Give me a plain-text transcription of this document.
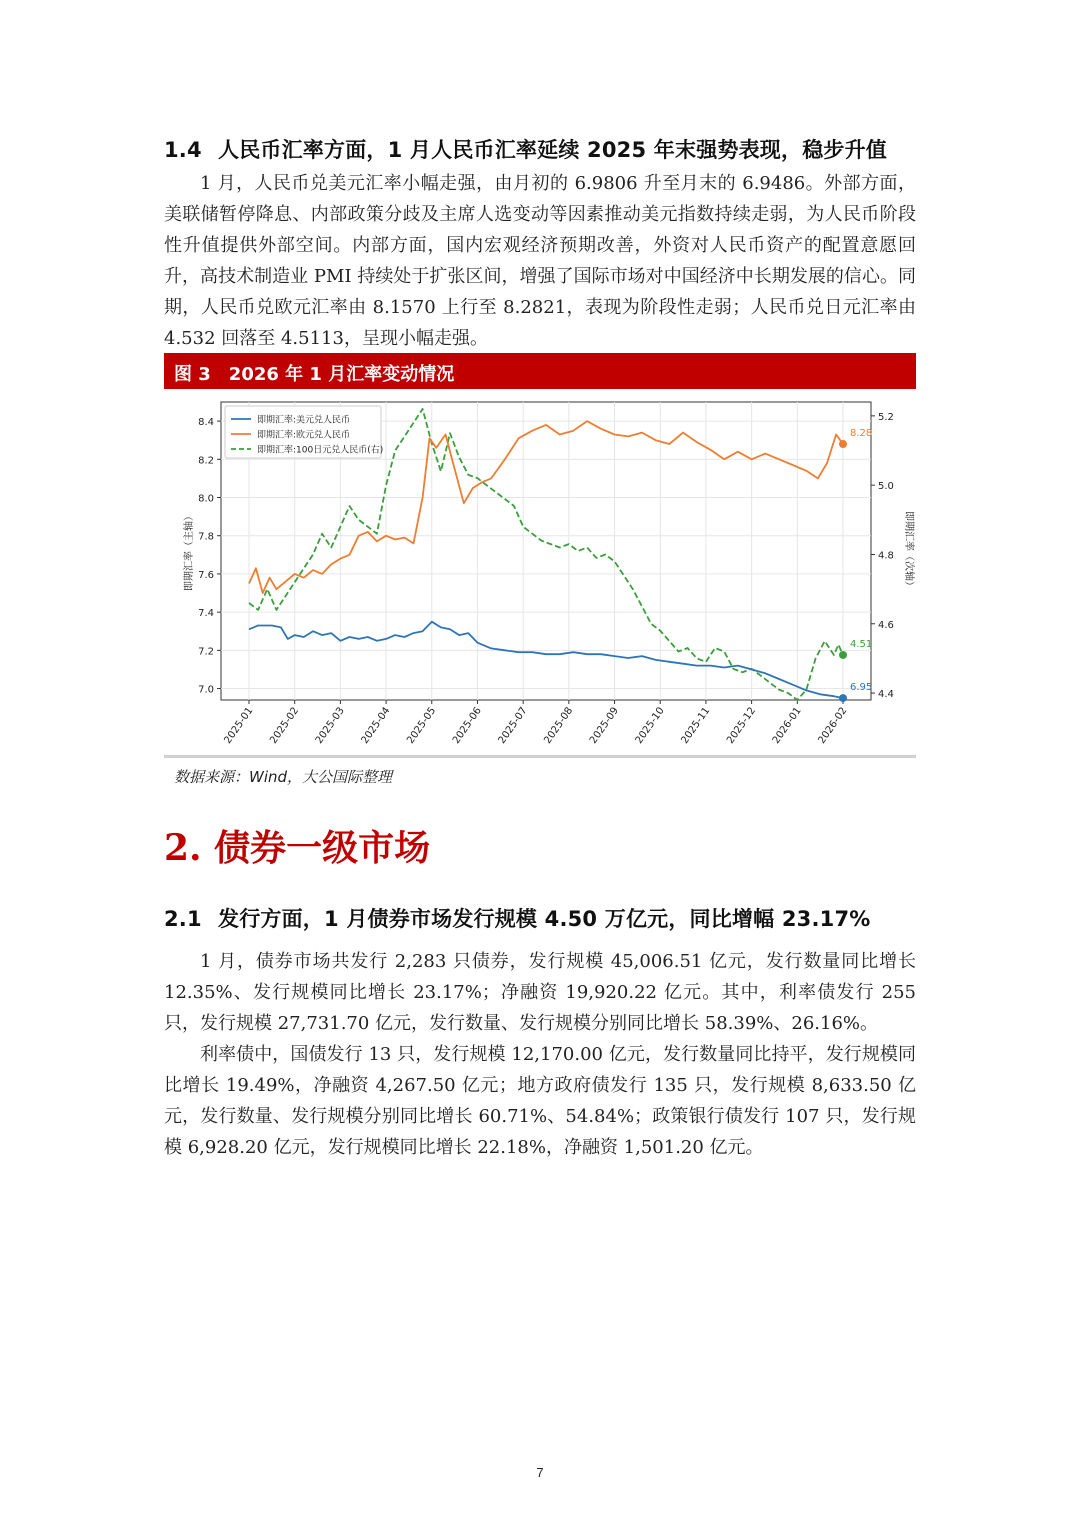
1.4 人民币汇率方面，1 月人民币汇率延续 2025 年末强势表现，稳步升值

1 月，人民币兑美元汇率小幅走强，由月初的 6.9806 升至月末的 6.9486。外部方面，美联储暂停降息、内部政策分歧及主席人选变动等因素推动美元指数持续走弱，为人民币阶段性升值提供外部空间。内部方面，国内宏观经济预期改善，外资对人民币资产的配置意愿回升，高技术制造业 PMI 持续处于扩张区间，增强了国际市场对中国经济中长期发展的信心。同期，人民币兑欧元汇率由 8.1570 上行至 8.2821，表现为阶段性走弱；人民币兑日元汇率由 4.532 回落至 4.5113，呈现小幅走强。

图 3　2026 年 1 月汇率变动情况
2025-01 2025-02 2025-03 2025-04 2025-05 2025-06 2025-07 2025-08 2025-09 2025-10 2025-11 2025-12 2026-01 2026-02
7.0
7.2
7.4
7.6
7.8
8.0
8.2
8.4
4.4
4.6
4.8
5.0
5.2
即期汇率（主轴）	即期汇率（次轴）
4.51
6.95
8.28
即期汇率:美元兑人民币
即期汇率:欧元兑人民币
即期汇率:100日元兑人民币(右)
数据来源：Wind，大公国际整理
2. 债券一级市场
2.1 发行方面，1 月债券市场发行规模 4.50 万亿元，同比增幅 23.17%

1 月，债券市场共发行 2,283 只债券，发行规模 45,006.51 亿元，发行数量同比增长 12.35%、发行规模同比增长 23.17%；净融资 19,920.22 亿元。其中，利率债发行 255 只，发行规模 27,731.70 亿元，发行数量、发行规模分别同比增长 58.39%、26.16%。

利率债中，国债发行 13 只，发行规模 12,170.00 亿元，发行数量同比持平，发行规模同比增长 19.49%，净融资 4,267.50 亿元；地方政府债发行 135 只，发行规模 8,633.50 亿元，发行数量、发行规模分别同比增长 60.71%、54.84%；政策银行债发行 107 只，发行规模 6,928.20 亿元，发行规模同比增长 22.18%，净融资 1,501.20 亿元。

7
